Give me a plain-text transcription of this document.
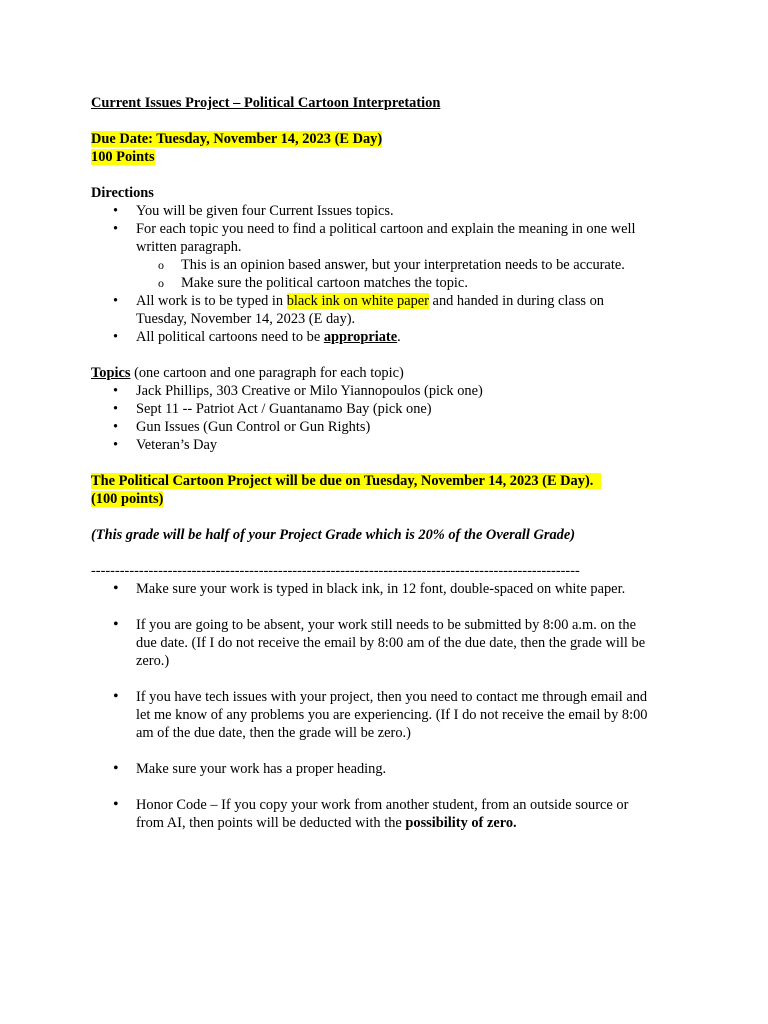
Current Issues Project – Political Cartoon Interpretation
Due Date: Tuesday, November 14, 2023 (E Day)
100 Points
Directions
• You will be given four Current Issues topics.
• For each topic you need to find a political cartoon and explain the meaning in one well
written paragraph.
o This is an opinion based answer, but your interpretation needs to be accurate.
o Make sure the political cartoon matches the topic.
• All work is to be typed in black ink on white paper and handed in during class on
Tuesday, November 14, 2023 (E day).
• All political cartoons need to be appropriate.
Topics (one cartoon and one paragraph for each topic)
• Jack Phillips, 303 Creative or Milo Yiannopoulos (pick one)
• Sept 11 -- Patriot Act / Guantanamo Bay (pick one)
• Gun Issues (Gun Control or Gun Rights)
• Veteran’s Day
The Political Cartoon Project will be due on Tuesday, November 14, 2023 (E Day).
(100 points)
(This grade will be half of your Project Grade which is 20% of the Overall Grade)
------------------------------------------------------------------------------------------------------
• Make sure your work is typed in black ink, in 12 font, double-spaced on white paper.
• If you are going to be absent, your work still needs to be submitted by 8:00 a.m. on the
due date. (If I do not receive the email by 8:00 am of the due date, then the grade will be
zero.)
• If you have tech issues with your project, then you need to contact me through email and
let me know of any problems you are experiencing. (If I do not receive the email by 8:00
am of the due date, then the grade will be zero.)
• Make sure your work has a proper heading.
• Honor Code – If you copy your work from another student, from an outside source or
from AI, then points will be deducted with the possibility of zero.
